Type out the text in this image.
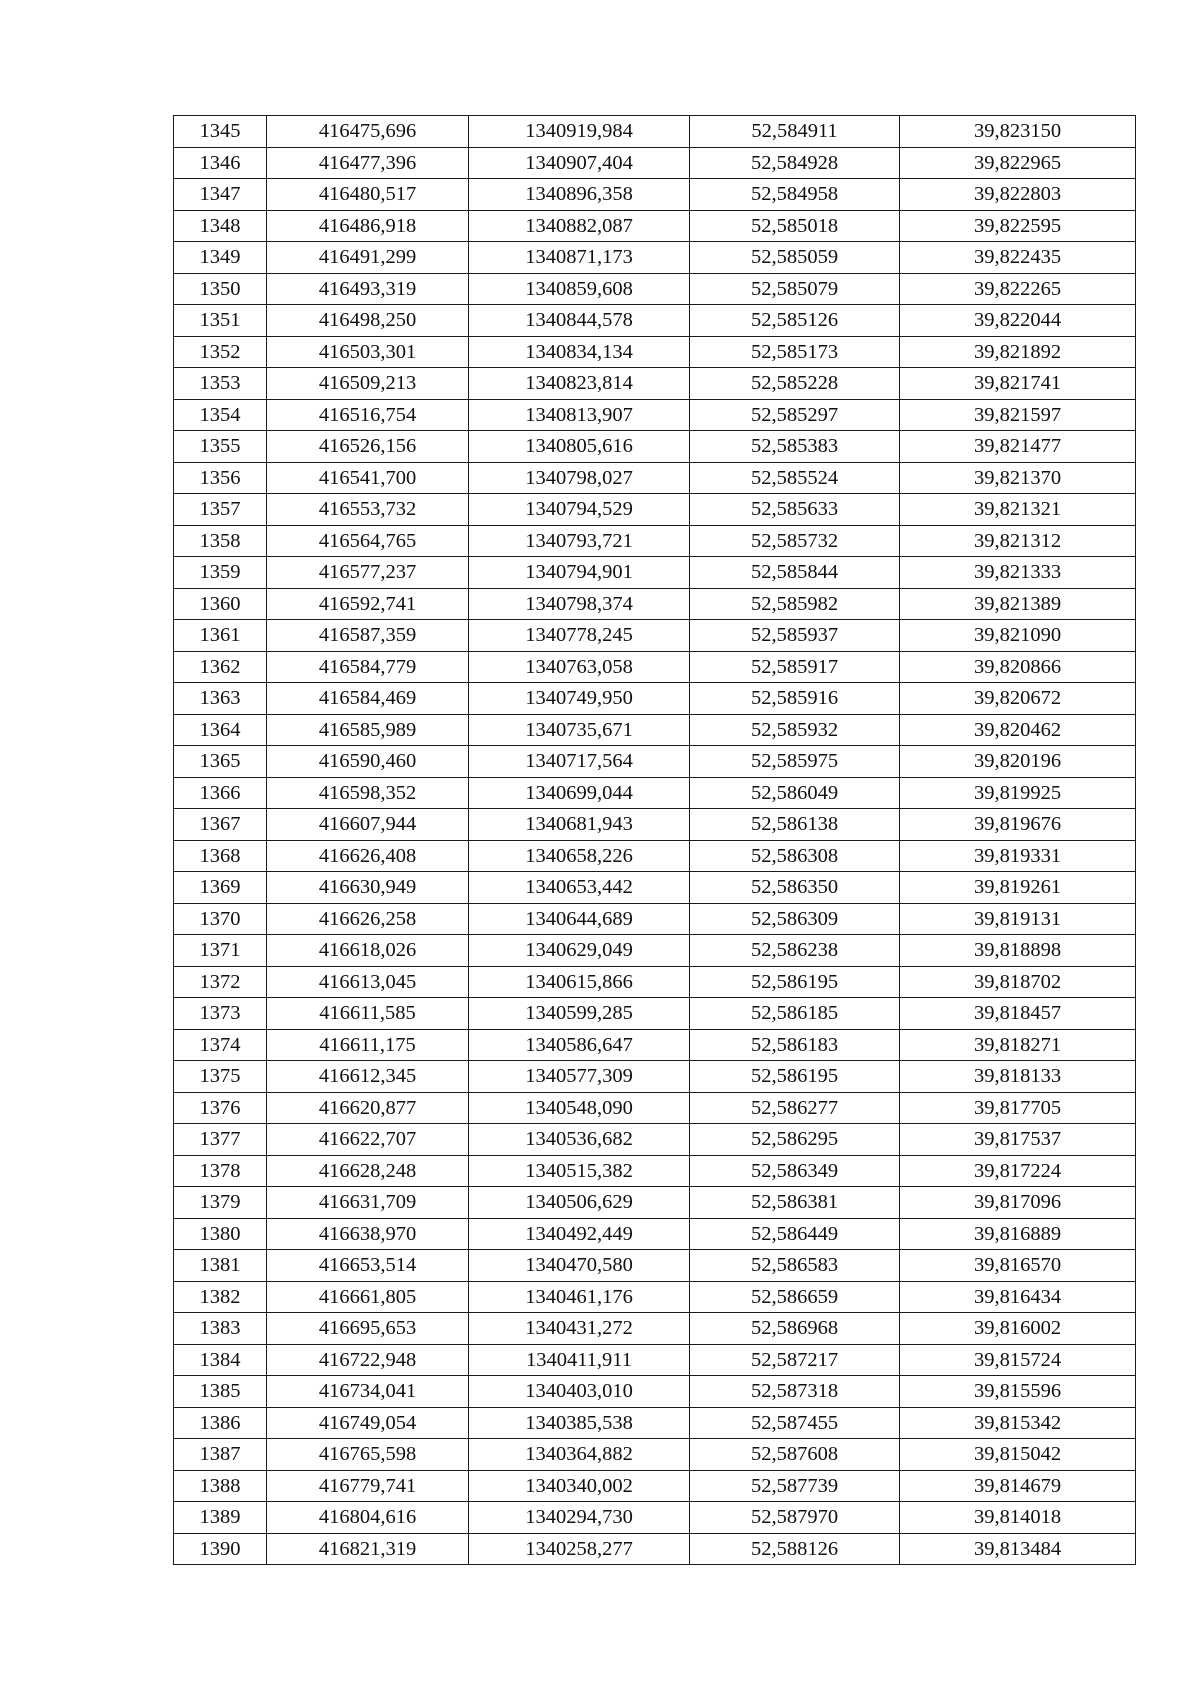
1345	416475,696	1340919,984	52,584911	39,823150
1346	416477,396	1340907,404	52,584928	39,822965
1347	416480,517	1340896,358	52,584958	39,822803
1348	416486,918	1340882,087	52,585018	39,822595
1349	416491,299	1340871,173	52,585059	39,822435
1350	416493,319	1340859,608	52,585079	39,822265
1351	416498,250	1340844,578	52,585126	39,822044
1352	416503,301	1340834,134	52,585173	39,821892
1353	416509,213	1340823,814	52,585228	39,821741
1354	416516,754	1340813,907	52,585297	39,821597
1355	416526,156	1340805,616	52,585383	39,821477
1356	416541,700	1340798,027	52,585524	39,821370
1357	416553,732	1340794,529	52,585633	39,821321
1358	416564,765	1340793,721	52,585732	39,821312
1359	416577,237	1340794,901	52,585844	39,821333
1360	416592,741	1340798,374	52,585982	39,821389
1361	416587,359	1340778,245	52,585937	39,821090
1362	416584,779	1340763,058	52,585917	39,820866
1363	416584,469	1340749,950	52,585916	39,820672
1364	416585,989	1340735,671	52,585932	39,820462
1365	416590,460	1340717,564	52,585975	39,820196
1366	416598,352	1340699,044	52,586049	39,819925
1367	416607,944	1340681,943	52,586138	39,819676
1368	416626,408	1340658,226	52,586308	39,819331
1369	416630,949	1340653,442	52,586350	39,819261
1370	416626,258	1340644,689	52,586309	39,819131
1371	416618,026	1340629,049	52,586238	39,818898
1372	416613,045	1340615,866	52,586195	39,818702
1373	416611,585	1340599,285	52,586185	39,818457
1374	416611,175	1340586,647	52,586183	39,818271
1375	416612,345	1340577,309	52,586195	39,818133
1376	416620,877	1340548,090	52,586277	39,817705
1377	416622,707	1340536,682	52,586295	39,817537
1378	416628,248	1340515,382	52,586349	39,817224
1379	416631,709	1340506,629	52,586381	39,817096
1380	416638,970	1340492,449	52,586449	39,816889
1381	416653,514	1340470,580	52,586583	39,816570
1382	416661,805	1340461,176	52,586659	39,816434
1383	416695,653	1340431,272	52,586968	39,816002
1384	416722,948	1340411,911	52,587217	39,815724
1385	416734,041	1340403,010	52,587318	39,815596
1386	416749,054	1340385,538	52,587455	39,815342
1387	416765,598	1340364,882	52,587608	39,815042
1388	416779,741	1340340,002	52,587739	39,814679
1389	416804,616	1340294,730	52,587970	39,814018
1390	416821,319	1340258,277	52,588126	39,813484
